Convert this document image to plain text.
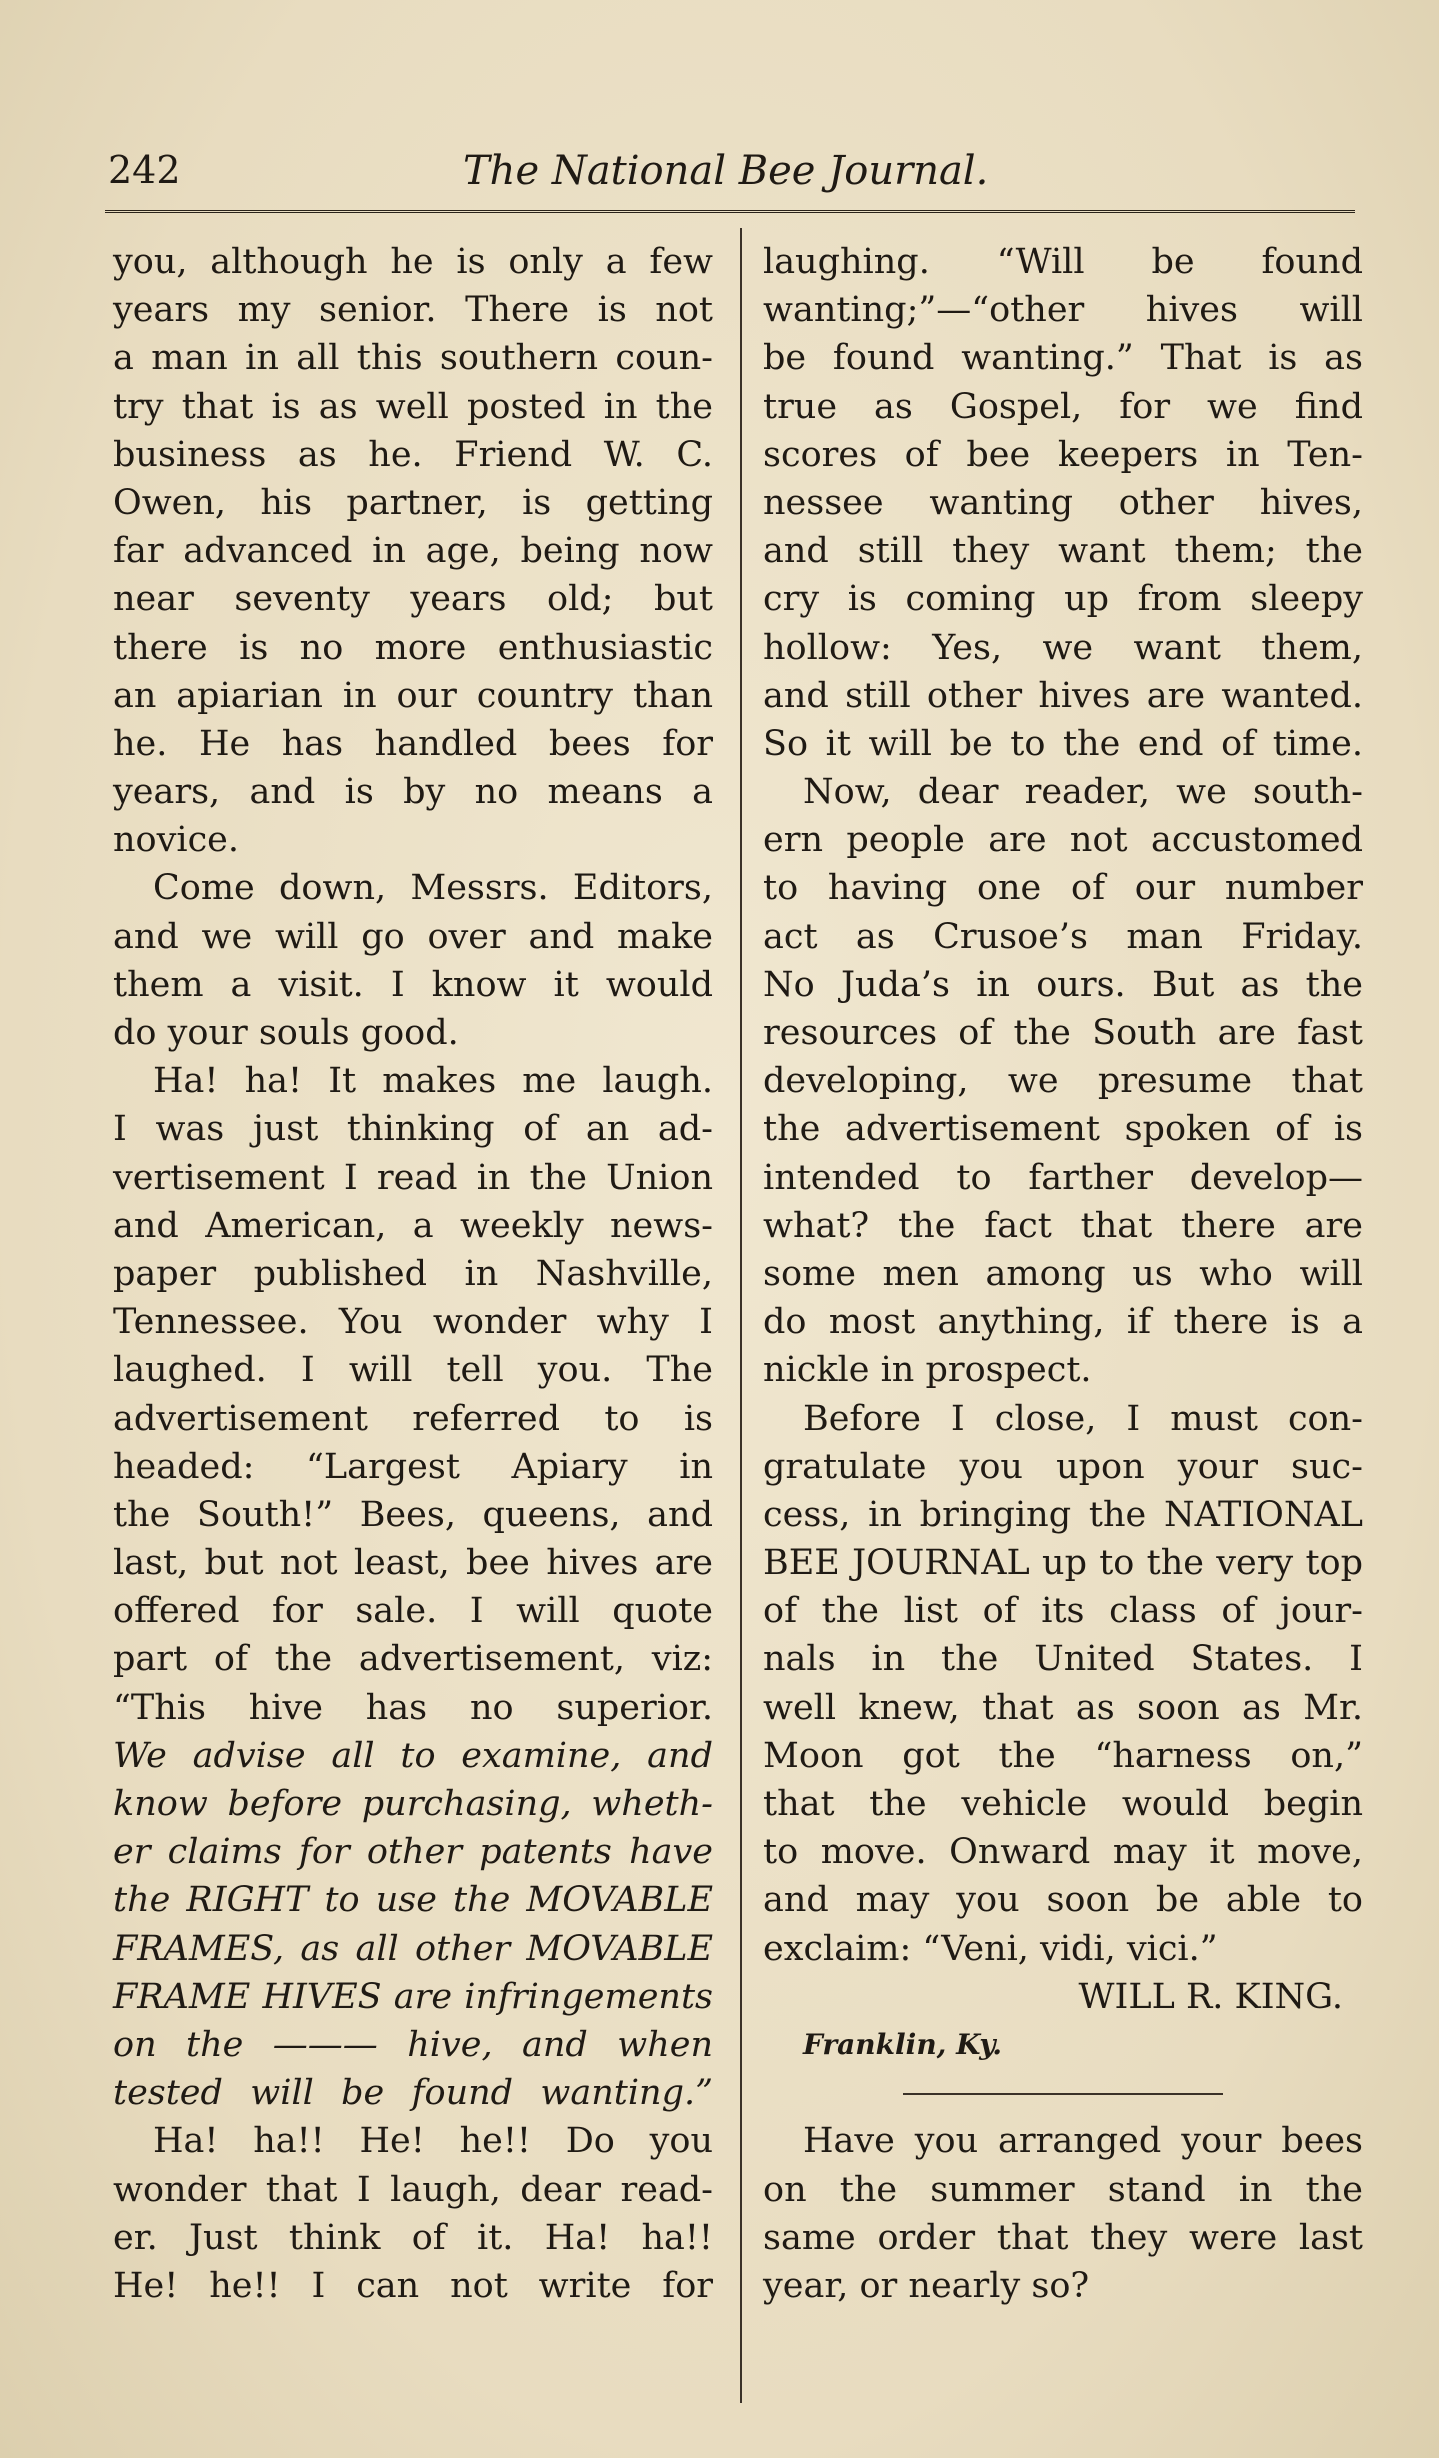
242	The National Bee Journal.
you, although he is only a few
years my senior. There is not
a man in all this southern coun-
try that is as well posted in the
business as he. Friend W. C.
Owen, his partner, is getting
far advanced in age, being now
near seventy years old; but
there is no more enthusiastic
an apiarian in our country than
he. He has handled bees for
years, and is by no means a
novice.
Come down, Messrs. Editors,
and we will go over and make
them a visit. I know it would
do your souls good.
Ha! ha! It makes me laugh.
I was just thinking of an ad-
vertisement I read in the Union
and American, a weekly news-
paper published in Nashville,
Tennessee. You wonder why I
laughed. I will tell you. The
advertisement referred to is
headed: “Largest Apiary in
the South!” Bees, queens, and
last, but not least, bee hives are
offered for sale. I will quote
part of the advertisement, viz:
“This hive has no superior.
We advise all to examine, and
know before purchasing, wheth-
er claims for other patents have
the RIGHT to use the MOVABLE
FRAMES, as all other MOVABLE
FRAME HIVES are infringements
on the ——— hive, and when
tested will be found wanting.”
Ha! ha!! He! he!! Do you
wonder that I laugh, dear read-
er. Just think of it. Ha! ha!!
He! he!! I can not write for
laughing. “Will be found
wanting;”—“other hives will
be found wanting.” That is as
true as Gospel, for we find
scores of bee keepers in Ten-
nessee wanting other hives,
and still they want them; the
cry is coming up from sleepy
hollow: Yes, we want them,
and still other hives are wanted.
So it will be to the end of time.
Now, dear reader, we south-
ern people are not accustomed
to having one of our number
act as Crusoe’s man Friday.
No Juda’s in ours. But as the
resources of the South are fast
developing, we presume that
the advertisement spoken of is
intended to farther develop—
what? the fact that there are
some men among us who will
do most anything, if there is a
nickle in prospect.
Before I close, I must con-
gratulate you upon your suc-
cess, in bringing the NATIONAL
BEE JOURNAL up to the very top
of the list of its class of jour-
nals in the United States. I
well knew, that as soon as Mr.
Moon got the “harness on,”
that the vehicle would begin
to move. Onward may it move,
and may you soon be able to
exclaim: “Veni, vidi, vici.”
WILL R. KING.
Franklin, Ky.
Have you arranged your bees
on the summer stand in the
same order that they were last
year, or nearly so?
